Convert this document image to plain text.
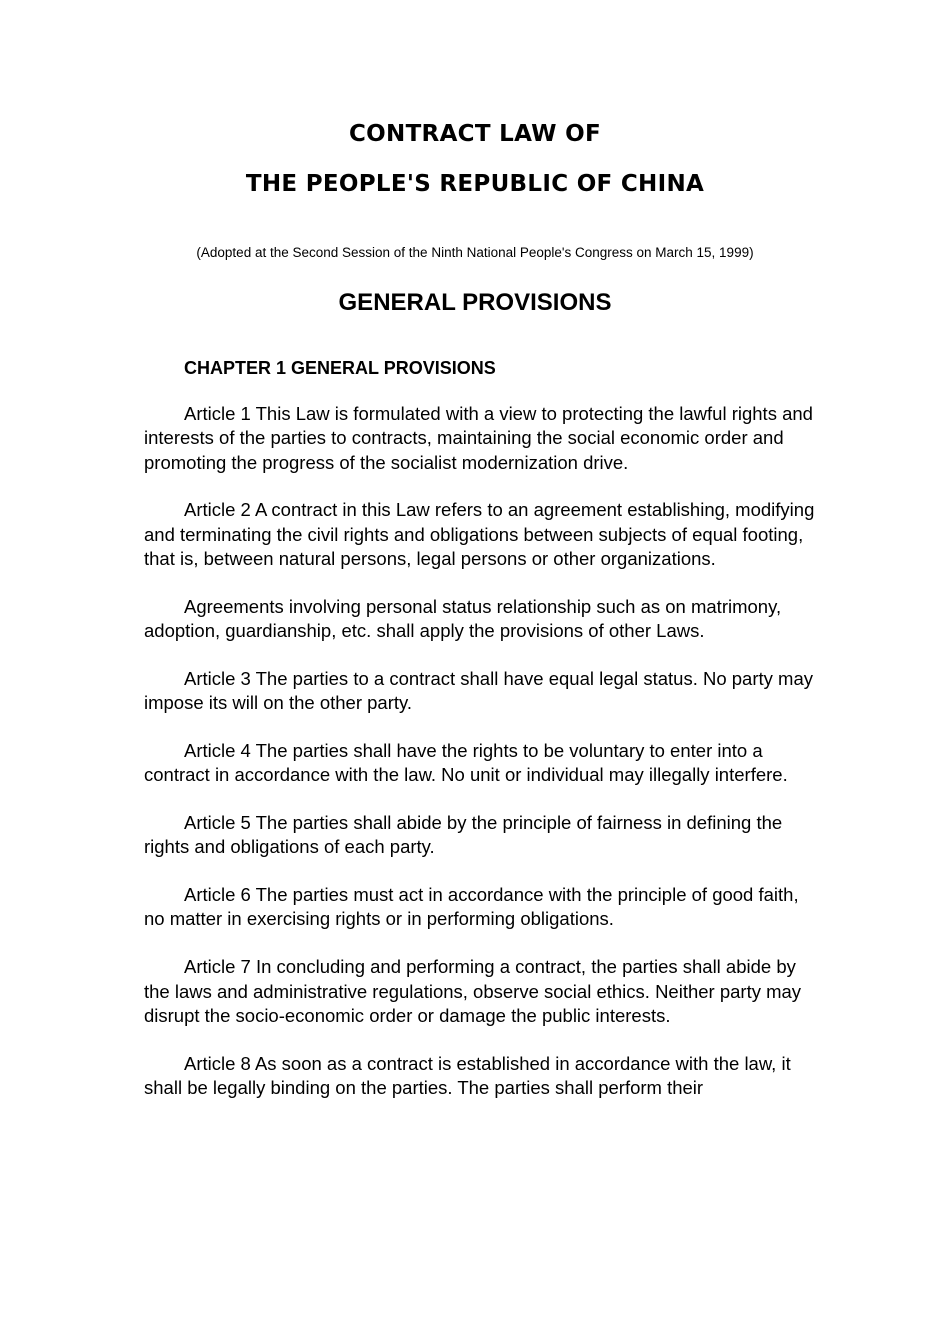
CONTRACT LAW OF
THE PEOPLE'S REPUBLIC OF CHINA
(Adopted at the Second Session of the Ninth National People's Congress on March 15, 1999)
GENERAL PROVISIONS
CHAPTER 1 GENERAL PROVISIONS

Article 1 This Law is formulated with a view to protecting the lawful rights and interests of the parties to contracts, maintaining the social economic order and promoting the progress of the socialist modernization drive.

Article 2 A contract in this Law refers to an agreement establishing, modifying and terminating the civil rights and obligations between subjects of equal footing, that is, between natural persons, legal persons or other organizations.

Agreements involving personal status relationship such as on matrimony, adoption, guardianship, etc. shall apply the provisions of other Laws.

Article 3 The parties to a contract shall have equal legal status. No party may impose its will on the other party.

Article 4 The parties shall have the rights to be voluntary to enter into a contract in accordance with the law. No unit or individual may illegally interfere.

Article 5 The parties shall abide by the principle of fairness in defining the rights and obligations of each party.

Article 6 The parties must act in accordance with the principle of good faith, no matter in exercising rights or in performing obligations.

Article 7 In concluding and performing a contract, the parties shall abide by the laws and administrative regulations, observe social ethics. Neither party may disrupt the socio-economic order or damage the public interests.

Article 8 As soon as a contract is established in accordance with the law, it shall be legally binding on the parties. The parties shall perform their
